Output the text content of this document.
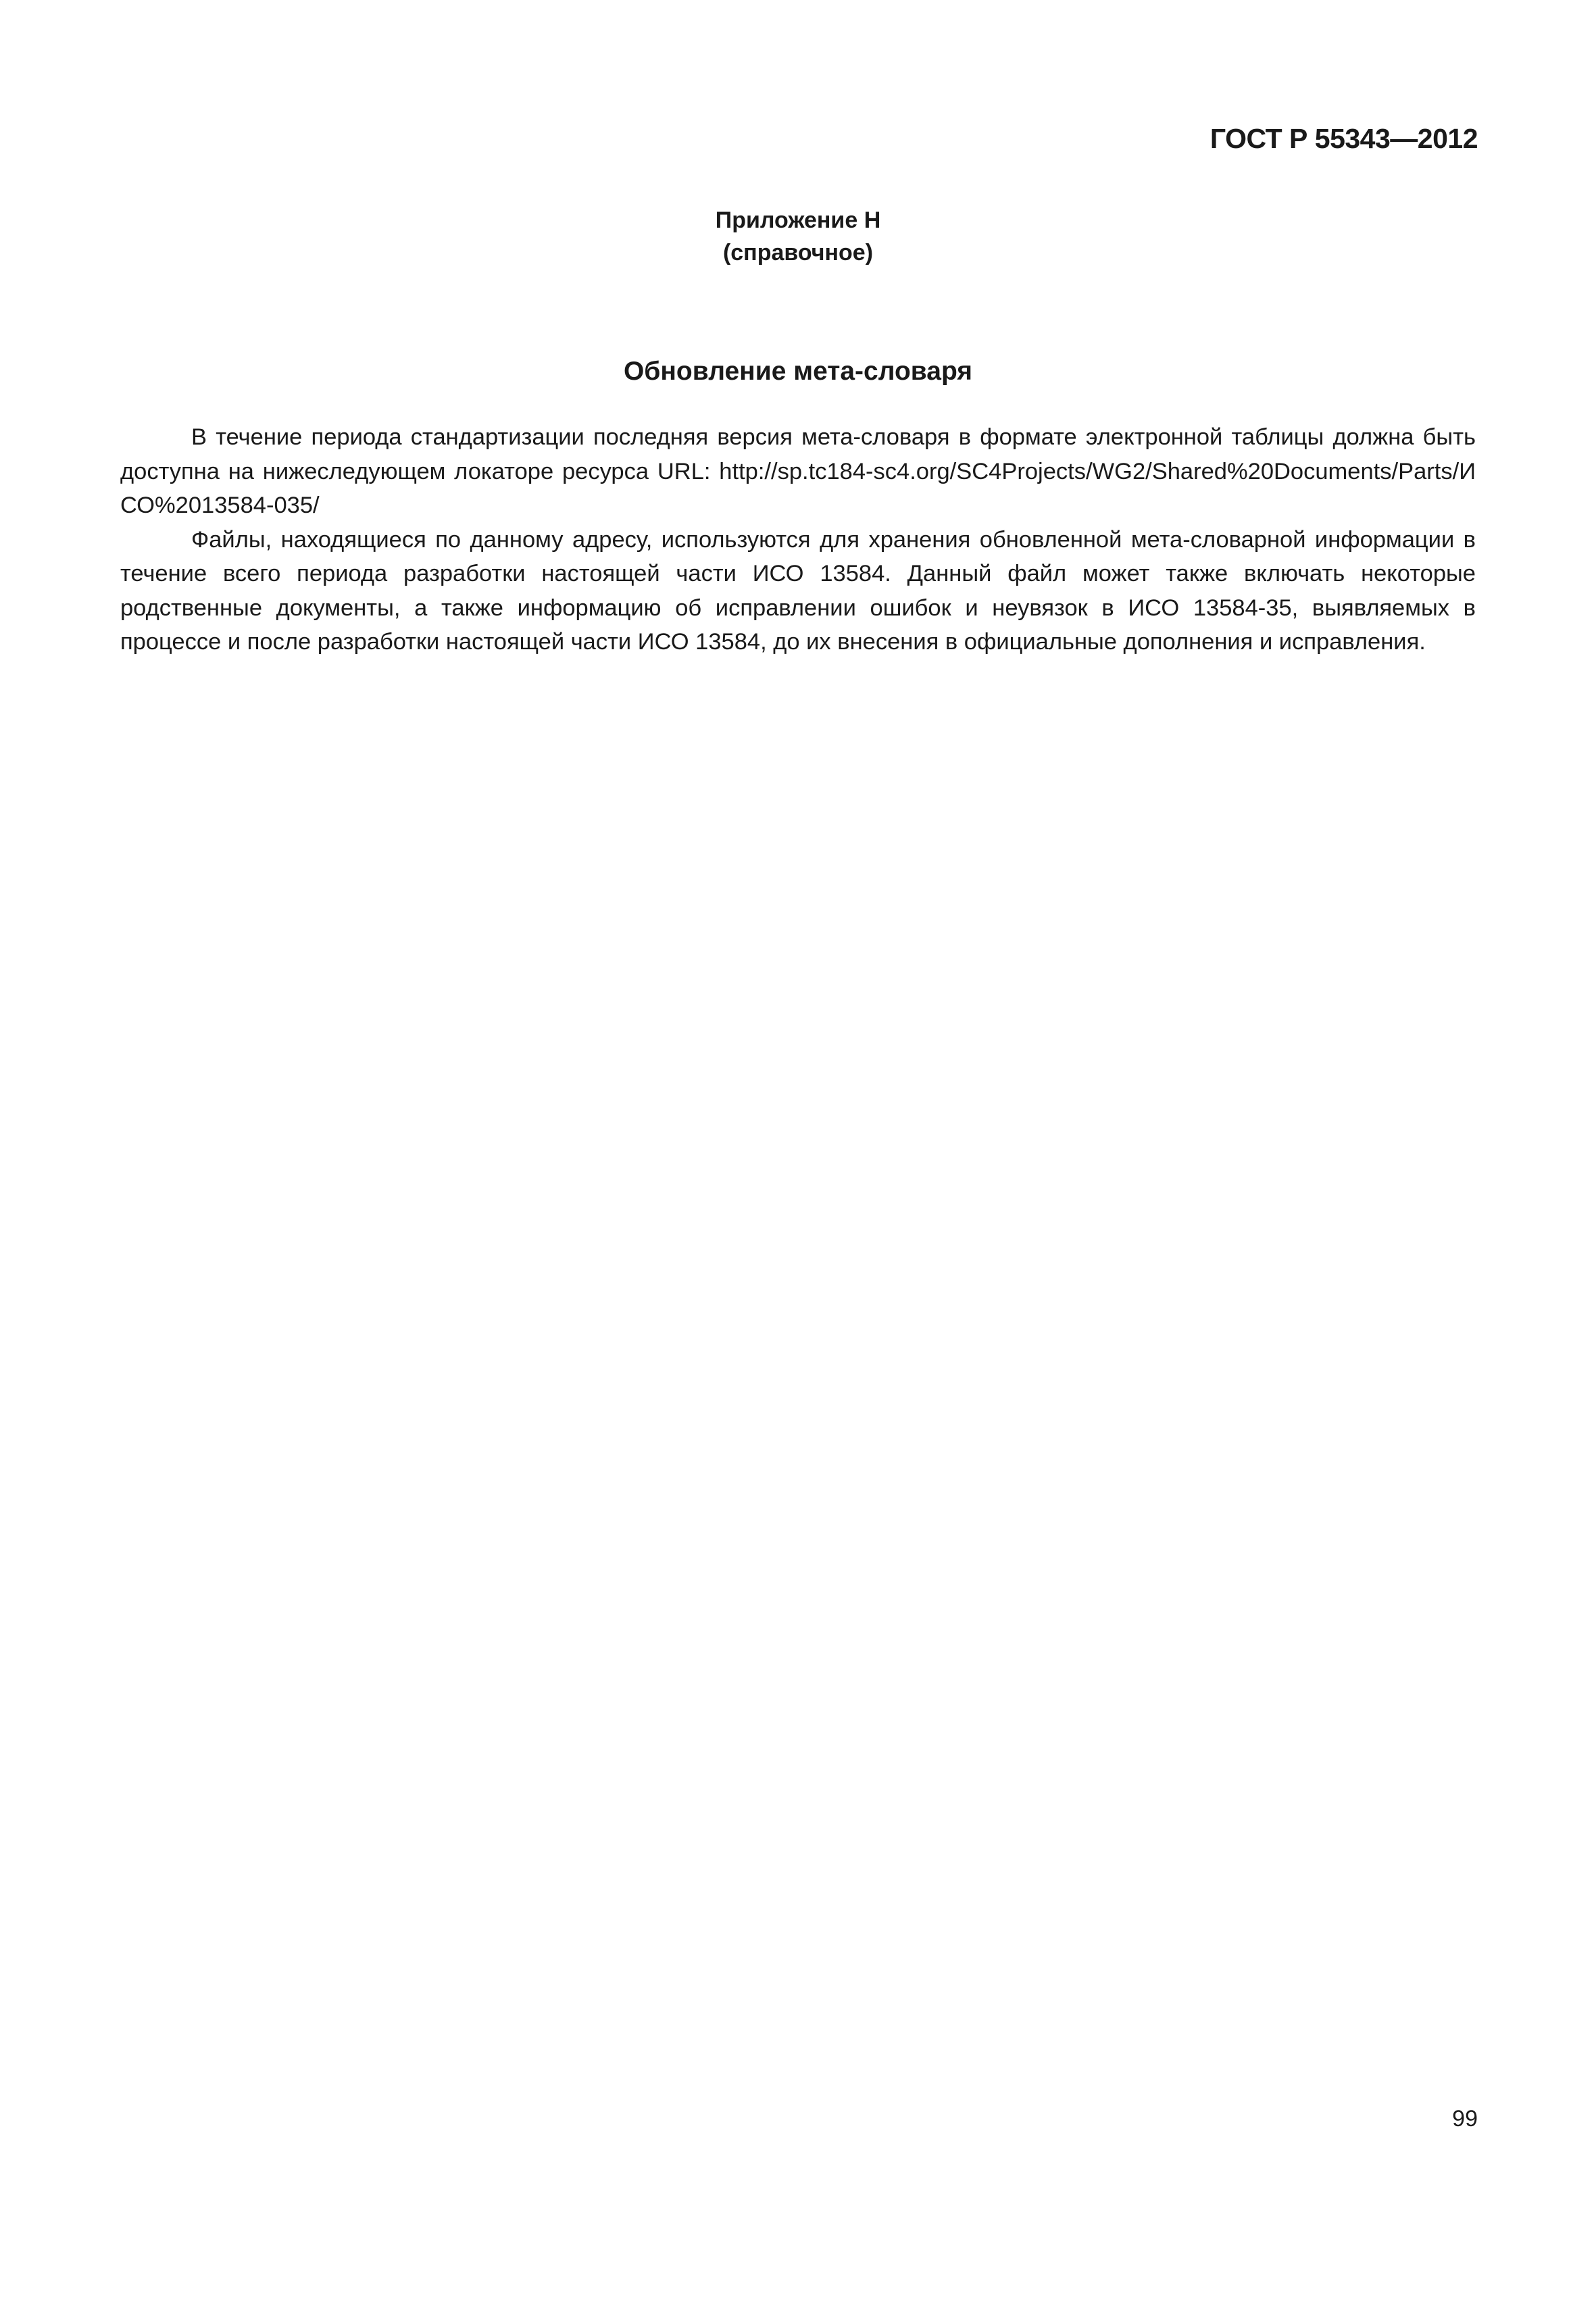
ГОСТ Р 55343—2012
Приложение Н
(справочное)
Обновление мета-словаря

В течение периода стандартизации последняя версия мета-словаря в формате электронной таблицы должна быть доступна на нижеследующем локаторе ресурса URL: http://sp.tc184-sc4.org/SC4Projects/WG2/Shared%20Documents/Parts/ИСО%2013584-035/

Файлы, находящиеся по данному адресу, используются для хранения обновленной мета-словарной информации в течение всего периода разработки настоящей части ИСО 13584. Данный файл может также включать некоторые родственные документы, а также информацию об исправлении ошибок и неувязок в ИСО 13584-35, выявляемых в процессе и после разработки настоящей части ИСО 13584, до их внесения в официальные дополнения и исправления.

99
